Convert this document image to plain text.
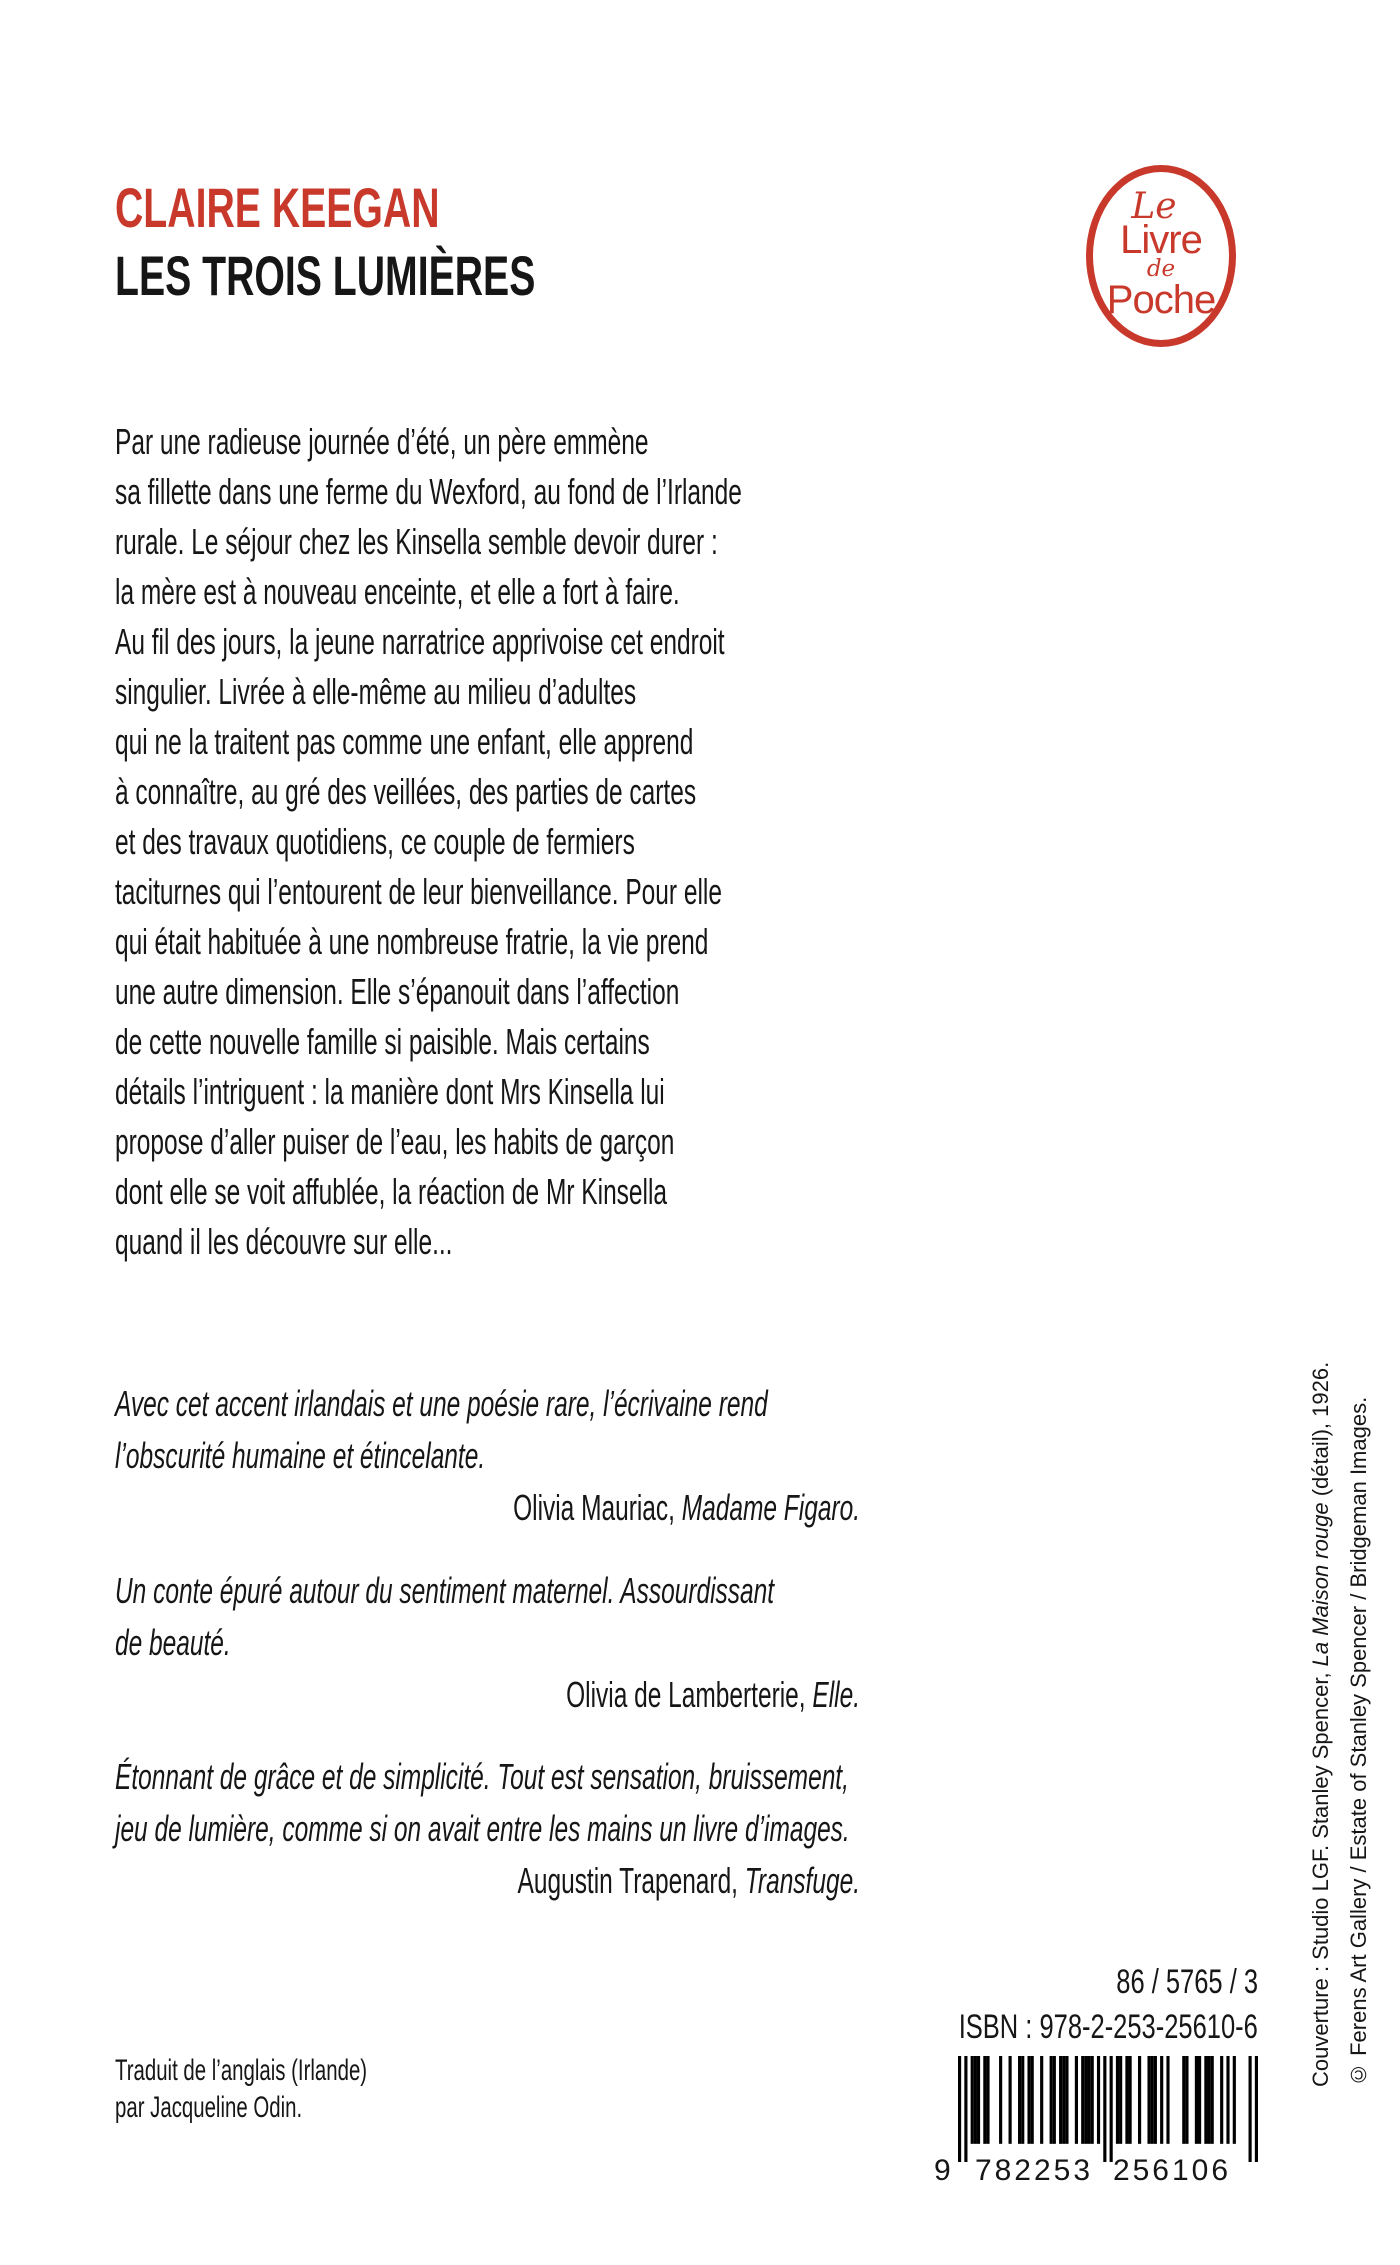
CLAIRE KEEGAN
LES TROIS LUMIÈRES
Le
Livre
de
Poche
Par une radieuse journée d’été, un père emmène
sa fillette dans une ferme du Wexford, au fond de l’Irlande
rurale. Le séjour chez les Kinsella semble devoir durer :
la mère est à nouveau enceinte, et elle a fort à faire.
Au fil des jours, la jeune narratrice apprivoise cet endroit
singulier. Livrée à elle-même au milieu d’adultes
qui ne la traitent pas comme une enfant, elle apprend
à connaître, au gré des veillées, des parties de cartes
et des travaux quotidiens, ce couple de fermiers
taciturnes qui l’entourent de leur bienveillance. Pour elle
qui était habituée à une nombreuse fratrie, la vie prend
une autre dimension. Elle s’épanouit dans l’affection
de cette nouvelle famille si paisible. Mais certains
détails l’intriguent : la manière dont Mrs Kinsella lui
propose d’aller puiser de l’eau, les habits de garçon
dont elle se voit affublée, la réaction de Mr Kinsella
quand il les découvre sur elle...
Avec cet accent irlandais et une poésie rare, l’écrivaine rend
l’obscurité humaine et étincelante.
Olivia Mauriac, Madame Figaro.
Un conte épuré autour du sentiment maternel. Assourdissant
de beauté.
Olivia de Lamberterie, Elle.
Étonnant de grâce et de simplicité. Tout est sensation, bruissement,
jeu de lumière, comme si on avait entre les mains un livre d’images.
Augustin Trapenard, Transfuge.
86 / 5765 / 3
ISBN : 978-2-253-25610-6
9 782253 256106
Traduit de l’anglais (Irlande)
par Jacqueline Odin.
Couverture : Studio LGF. Stanley Spencer, La Maison rouge (détail), 1926. © Ferens Art Gallery / Estate of Stanley Spencer / Bridgeman Images.
